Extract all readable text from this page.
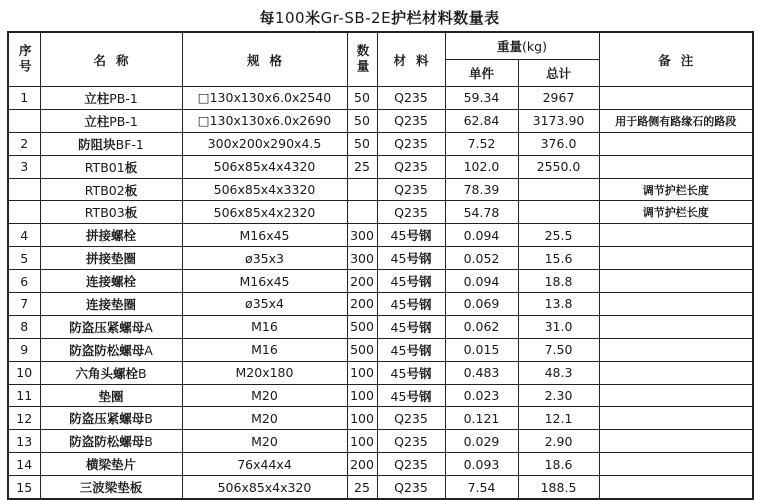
每100米Gr-SB-2E护栏材料数量表
序号	名 称	规 格	数量	材 料	重量(kg)		备 注
					单件	总计	
1	立柱PB-1	□130x130x6.0x2540	50	Q235	59.34	2967	
	立柱PB-1	□130x130x6.0x2690	50	Q235	62.84	3173.90	用于路侧有路缘石的路段
2	防阻块BF-1	300x200x290x4.5	50	Q235	7.52	376.0	
3	RTB01板	506x85x4x4320	25	Q235	102.0	2550.0	
	RTB02板	506x85x4x3320		Q235	78.39		调节护栏长度
	RTB03板	506x85x4x2320		Q235	54.78		调节护栏长度
4	拼接螺栓	M16x45	300	45号钢	0.094	25.5	
5	拼接垫圈	ø35x3	300	45号钢	0.052	15.6	
6	连接螺栓	M16x45	200	45号钢	0.094	18.8	
7	连接垫圈	ø35x4	200	45号钢	0.069	13.8	
8	防盗压紧螺母A	M16	500	45号钢	0.062	31.0	
9	防盗防松螺母A	M16	500	45号钢	0.015	7.50	
10	六角头螺栓B	M20x180	100	45号钢	0.483	48.3	
11	垫圈	M20	100	45号钢	0.023	2.30	
12	防盗压紧螺母B	M20	100	Q235	0.121	12.1	
13	防盗防松螺母B	M20	100	Q235	0.029	2.90	
14	横梁垫片	76x44x4	200	Q235	0.093	18.6	
15	三波梁垫板	506x85x4x320	25	Q235	7.54	188.5	
